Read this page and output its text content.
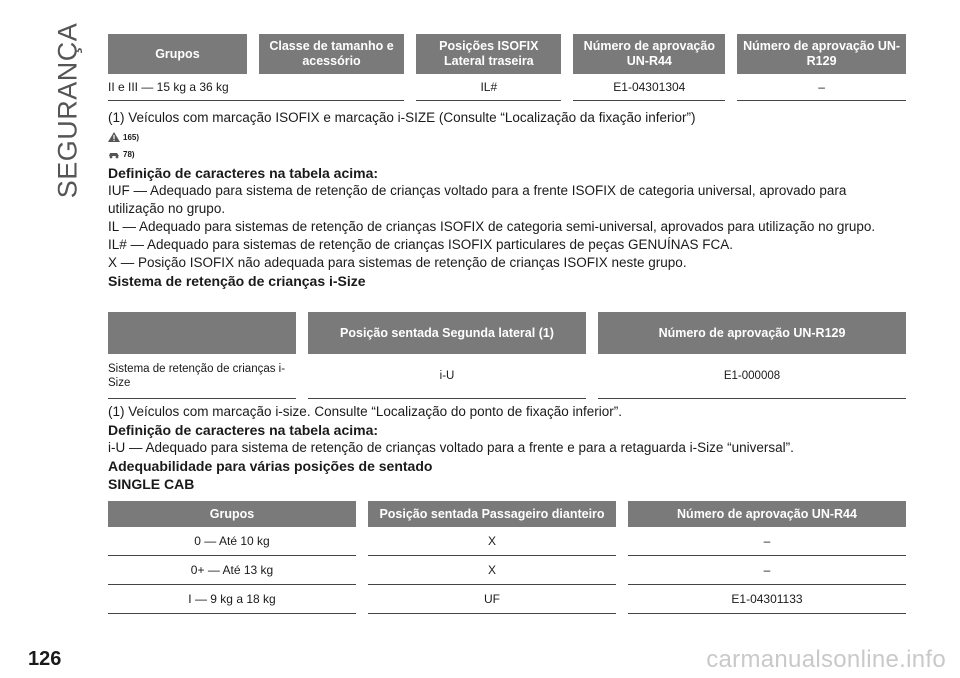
SEGURANÇA	Grupos	Classe de tamanho e acessório	Posições ISOFIX Lateral traseira	Número de aprovação UN-R44	Número de aprovação UN-R129
II e III — 15 kg a 36 kg		IL#	E1-04301304	–

(1) Veículos com marcação ISOFIX e marcação i-SIZE (Consulte “Localização da fixação inferior”)

165)
78)

Definição de caracteres na tabela acima:

IUF — Adequado para sistema de retenção de crianças voltado para a frente ISOFIX de categoria universal, aprovado para utilização no grupo.

IL — Adequado para sistemas de retenção de crianças ISOFIX de categoria semi-universal, aprovados para utilização no grupo.

IL# — Adequado para sistemas de retenção de crianças ISOFIX particulares de peças GENUÍNAS FCA.

X — Posição ISOFIX não adequada para sistemas de retenção de crianças ISOFIX neste grupo.

Sistema de retenção de crianças i-Size

	Posição sentada Segunda lateral (1)	Número de aprovação UN-R129
Sistema de retenção de crianças i-Size	i-U	E1-000008

(1) Veículos com marcação i-size. Consulte “Localização do ponto de fixação inferior”.

Definição de caracteres na tabela acima:

i-U — Adequado para sistema de retenção de crianças voltado para a frente e para a retaguarda i-Size “universal”.

Adequabilidade para várias posições de sentado

SINGLE CAB

Grupos	Posição sentada Passageiro dianteiro	Número de aprovação UN-R44
0 — Até 10 kg	X	–
0+ — Até 13 kg	X	–
I — 9 kg a 18 kg	UF	E1-04301133
126	carmanualsonline.info
